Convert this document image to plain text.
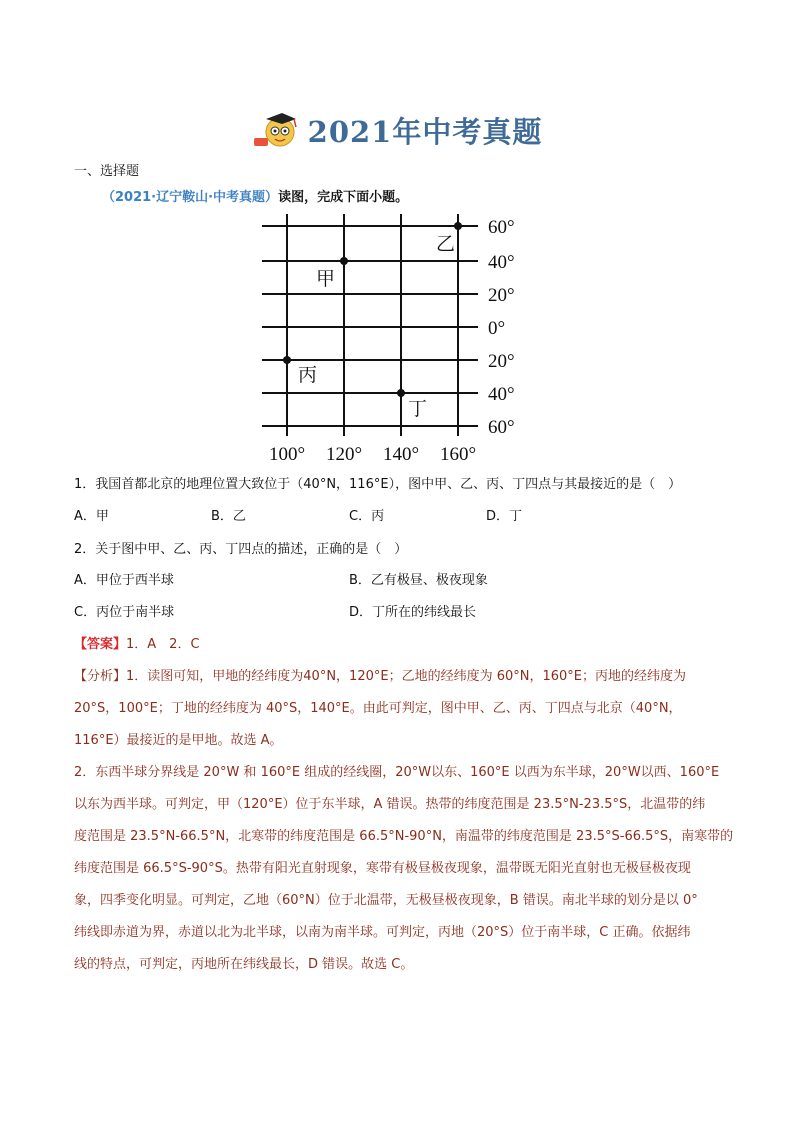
2021年中考真题
一、选择题
（2021·辽宁鞍山·中考真题）读图，完成下面小题。
甲
乙
丙
丁
60°
40°
20°
0°
20°
40°
60°
100° 120° 140° 160°
1．我国首都北京的地理位置大致位于（40°N，116°E），图中甲、乙、丙、丁四点与其最接近的是（　）
A．甲	B．乙	C．丙	D．丁
2．关于图中甲、乙、丙、丁四点的描述，正确的是（　）
A．甲位于西半球	B．乙有极昼、极夜现象
C．丙位于南半球	D．丁所在的纬线最长
【答案】1．A　2．C
【分析】1．读图可知，甲地的经纬度为40°N，120°E；乙地的经纬度为 60°N，160°E；丙地的经纬度为
20°S，100°E；丁地的经纬度为 40°S，140°E。由此可判定，图中甲、乙、丙、丁四点与北京（40°N，
116°E）最接近的是甲地。故选 A。
2．东西半球分界线是 20°W 和 160°E 组成的经线圈，20°W以东、160°E 以西为东半球，20°W以西、160°E
以东为西半球。可判定，甲（120°E）位于东半球，A 错误。热带的纬度范围是 23.5°N-23.5°S，北温带的纬
度范围是 23.5°N-66.5°N，北寒带的纬度范围是 66.5°N-90°N，南温带的纬度范围是 23.5°S-66.5°S，南寒带的
纬度范围是 66.5°S-90°S。热带有阳光直射现象，寒带有极昼极夜现象，温带既无阳光直射也无极昼极夜现
象，四季变化明显。可判定，乙地（60°N）位于北温带，无极昼极夜现象，B 错误。南北半球的划分是以 0°
纬线即赤道为界，赤道以北为北半球，以南为南半球。可判定，丙地（20°S）位于南半球，C 正确。依据纬
线的特点，可判定，丙地所在纬线最长，D 错误。故选 C。
